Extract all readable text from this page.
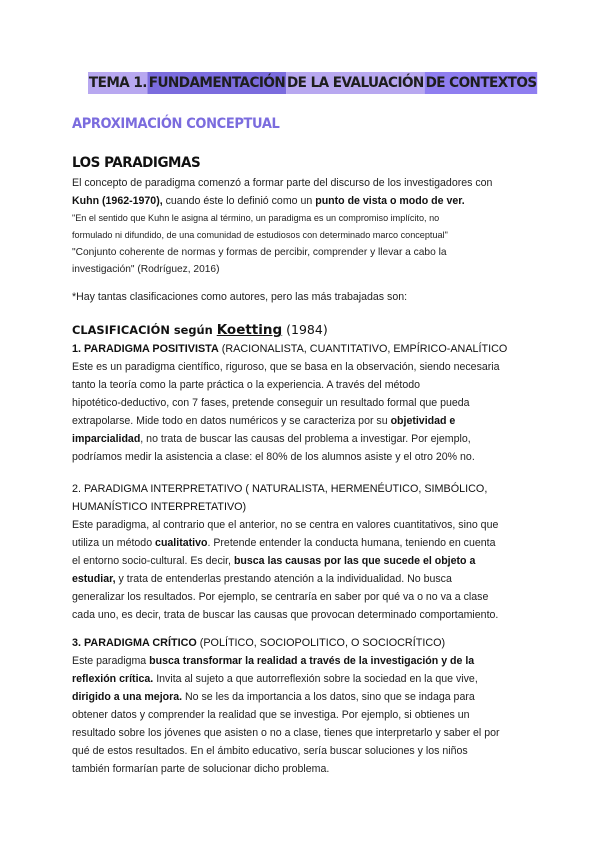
TEMA 1. FUNDAMENTACIÓN DE LA EVALUACIÓN DE CONTEXTOS
APROXIMACIÓN CONCEPTUAL
LOS PARADIGMAS

El concepto de paradigma comenzó a formar parte del discurso de los investigadores con
Kuhn (1962-1970), cuando éste lo definió como un punto de vista o modo de ver.

"En el sentido que Kuhn le asigna al término, un paradigma es un compromiso implícito, no
formulado ni difundido, de una comunidad de estudiosos con determinado marco conceptual"

"Conjunto coherente de normas y formas de percibir, comprender y llevar a cabo la
investigación" (Rodríguez, 2016)

*Hay tantas clasificaciones como autores, pero las más trabajadas son:

CLASIFICACIÓN según Koetting (1984)

1. PARADIGMA POSITIVISTA (RACIONALISTA, CUANTITATIVO, EMPÍRICO-ANALÍTICO

Este es un paradigma científico, riguroso, que se basa en la observación, siendo necesaria
tanto la teoría como la parte práctica o la experiencia. A través del método
hipotético-deductivo, con 7 fases, pretende conseguir un resultado formal que pueda
extrapolarse. Mide todo en datos numéricos y se caracteriza por su objetividad e
imparcialidad, no trata de buscar las causas del problema a investigar. Por ejemplo,
podríamos medir la asistencia a clase: el 80% de los alumnos asiste y el otro 20% no.

2. PARADIGMA INTERPRETATIVO ( NATURALISTA, HERMENÉUTICO, SIMBÓLICO,

HUMANÍSTICO INTERPRETATIVO)

Este paradigma, al contrario que el anterior, no se centra en valores cuantitativos, sino que
utiliza un método cualitativo. Pretende entender la conducta humana, teniendo en cuenta
el entorno socio-cultural. Es decir, busca las causas por las que sucede el objeto a
estudiar, y trata de entenderlas prestando atención a la individualidad. No busca
generalizar los resultados. Por ejemplo, se centraría en saber por qué va o no va a clase
cada uno, es decir, trata de buscar las causas que provocan determinado comportamiento.

3. PARADIGMA CRÍTICO (POLÍTICO, SOCIOPOLITICO, O SOCIOCRÍTICO)

Este paradigma busca transformar la realidad a través de la investigación y de la
reflexión crítica. Invita al sujeto a que autorreflexión sobre la sociedad en la que vive,
dirigido a una mejora. No se les da importancia a los datos, sino que se indaga para
obtener datos y comprender la realidad que se investiga. Por ejemplo, si obtienes un
resultado sobre los jóvenes que asisten o no a clase, tienes que interpretarlo y saber el por
qué de estos resultados. En el ámbito educativo, sería buscar soluciones y los niños
también formarían parte de solucionar dicho problema.
